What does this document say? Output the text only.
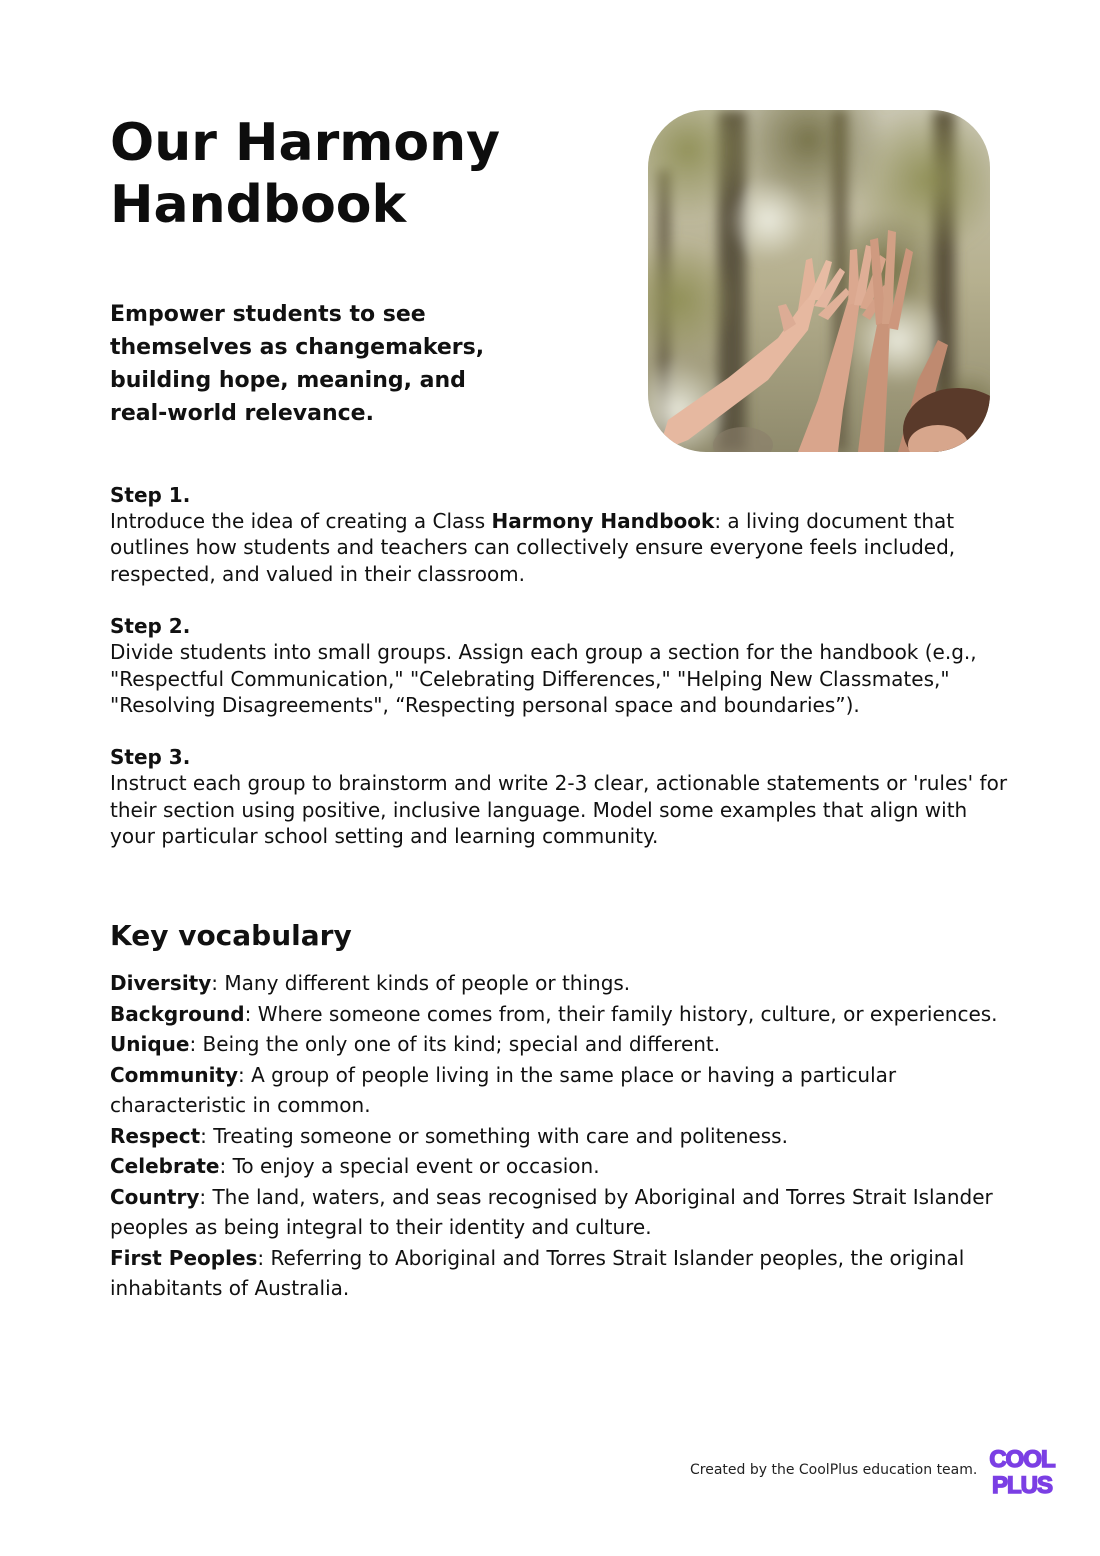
Our Harmony Handbook

Empower students to see themselves as changemakers, building hope, meaning, and real-world relevance.

Step 1.

Introduce the idea of creating a Class Harmony Handbook: a living document that outlines how students and teachers can collectively ensure everyone feels included, respected, and valued in their classroom.

Step 2.

Divide students into small groups. Assign each group a section for the handbook (e.g., "Respectful Communication," "Celebrating Differences," "Helping New Classmates," "Resolving Disagreements", “Respecting personal space and boundaries”).

Step 3.

Instruct each group to brainstorm and write 2-3 clear, actionable statements or 'rules' for their section using positive, inclusive language. Model some examples that align with your particular school setting and learning community.

Key vocabulary
Diversity: Many different kinds of people or things.
Background: Where someone comes from, their family history, culture, or experiences.
Unique: Being the only one of its kind; special and different.
Community: A group of people living in the same place or having a particular characteristic in common.
Respect: Treating someone or something with care and politeness.
Celebrate: To enjoy a special event or occasion.
Country: The land, waters, and seas recognised by Aboriginal and Torres Strait Islander peoples as being integral to their identity and culture.
First Peoples: Referring to Aboriginal and Torres Strait Islander peoples, the original inhabitants of Australia.
Created by the CoolPlus education team. COOL
PLUS
